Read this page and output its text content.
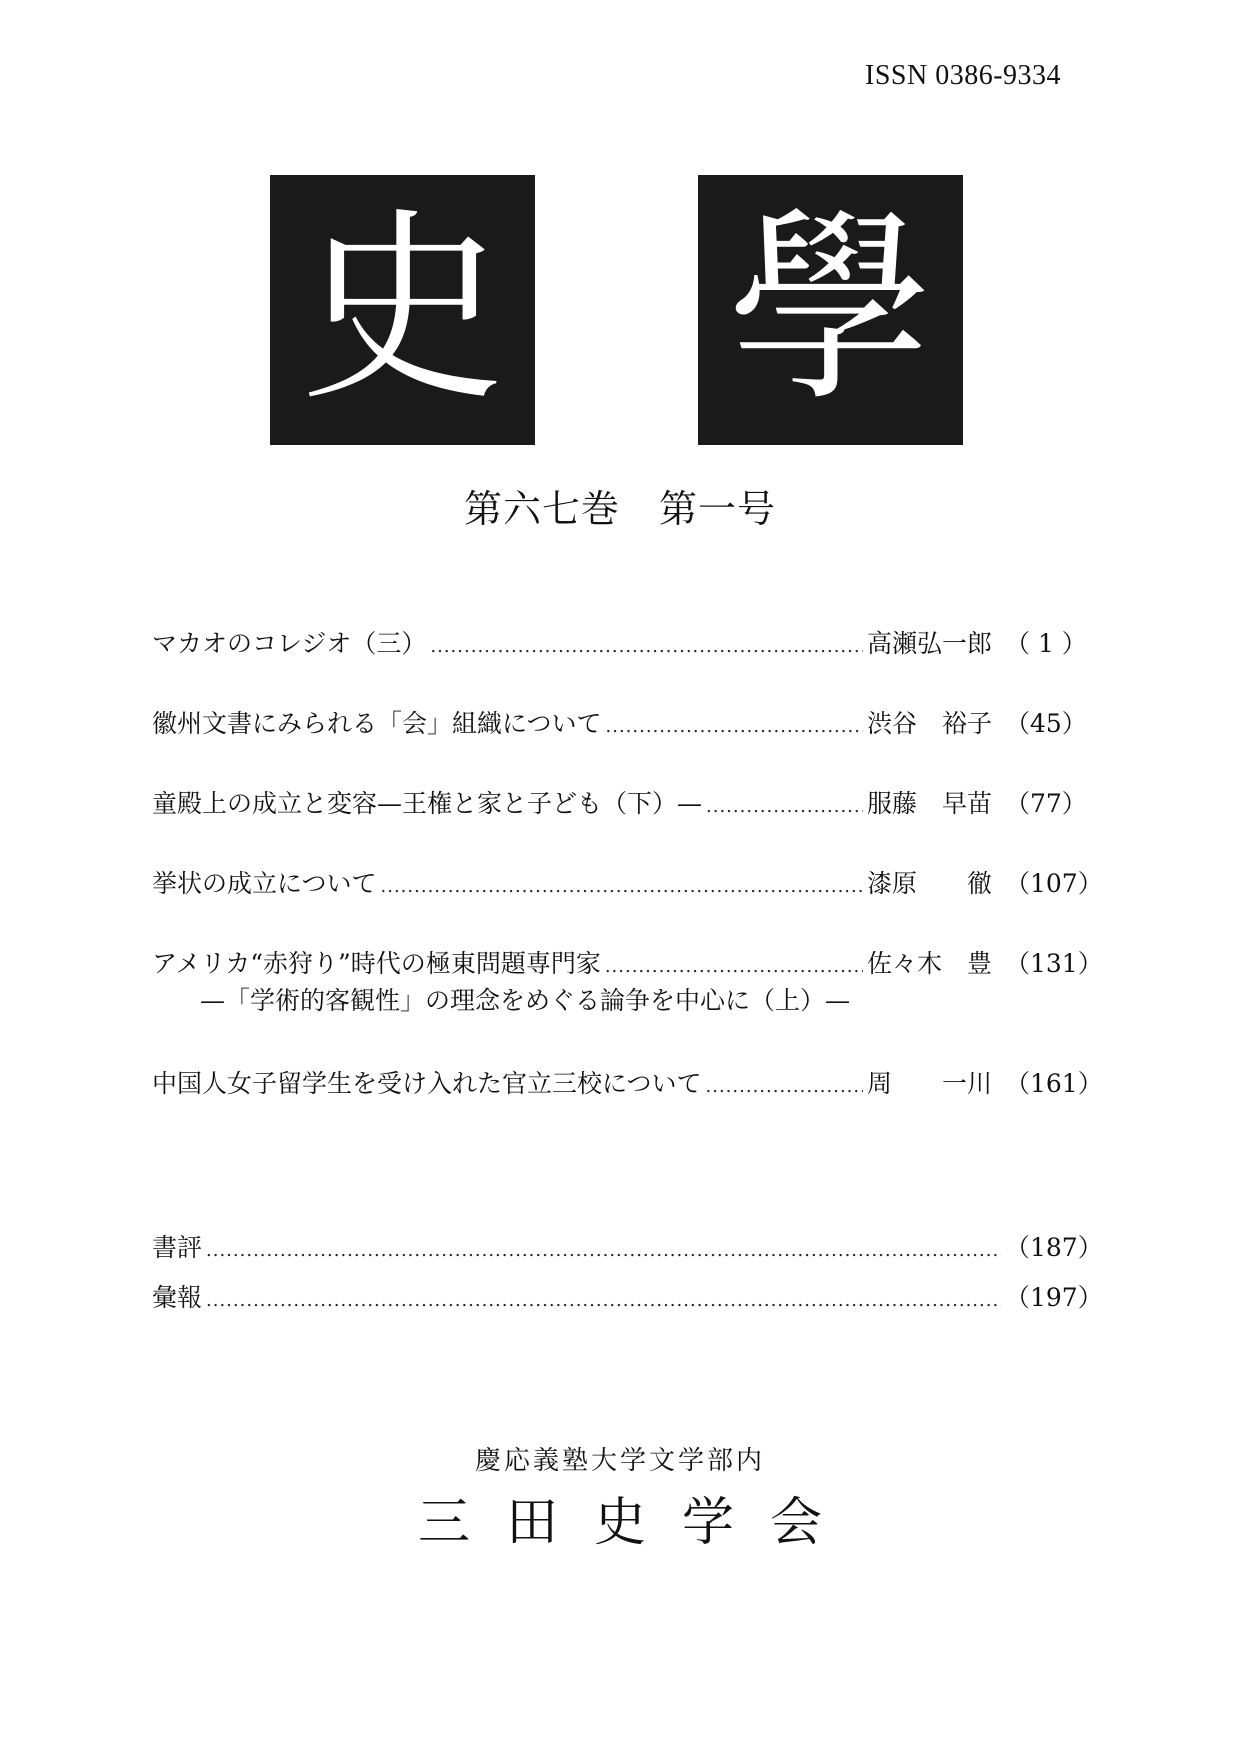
ISSN 0386-9334
史 學
第六七巻　第一号
マカオのコレジオ（三） .....	高瀬弘一郎 （ 1 ）
徽州文書にみられる「会」組織について .....	渋谷　裕子 （45）
童殿上の成立と変容—王権と家と子ども（下）— .....	服藤　早苗 （77）
挙状の成立について .....	漆原　　徹 （107）
アメリカ“赤狩り”時代の極東問題専門家 .....	佐々木　豊 （131）
—「学術的客観性」の理念をめぐる論争を中心に（上）—
中国人女子留学生を受け入れた官立三校について .....	周　　一川 （161）
書評 .....	（187）
彙報 .....	（197）
慶応義塾大学文学部内
三田史学会
